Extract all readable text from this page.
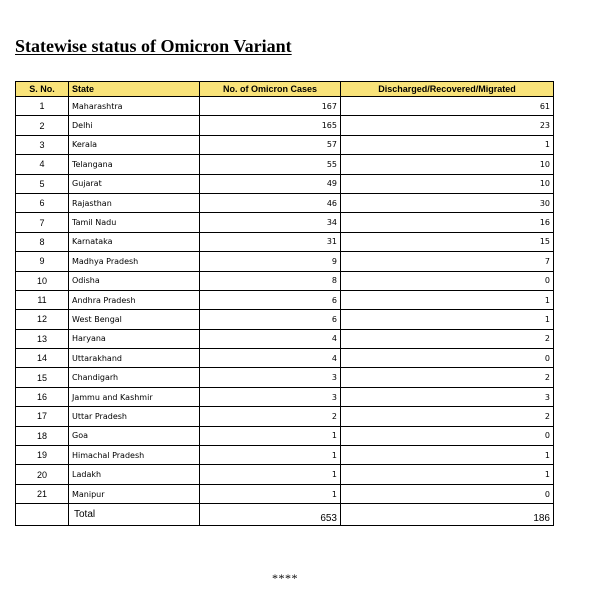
Statewise status of Omicron Variant
S. No.	State	No. of Omicron Cases	Discharged/Recovered/Migrated
1	Maharashtra	167	61
2	Delhi	165	23
3	Kerala	57	1
4	Telangana	55	10
5	Gujarat	49	10
6	Rajasthan	46	30
7	Tamil Nadu	34	16
8	Karnataka	31	15
9	Madhya Pradesh	9	7
10	Odisha	8	0
11	Andhra Pradesh	6	1
12	West Bengal	6	1
13	Haryana	4	2
14	Uttarakhand	4	0
15	Chandigarh	3	2
16	Jammu and Kashmir	3	3
17	Uttar Pradesh	2	2
18	Goa	1	0
19	Himachal Pradesh	1	1
20	Ladakh	1	1
21	Manipur	1	0
	Total	653	186
****
